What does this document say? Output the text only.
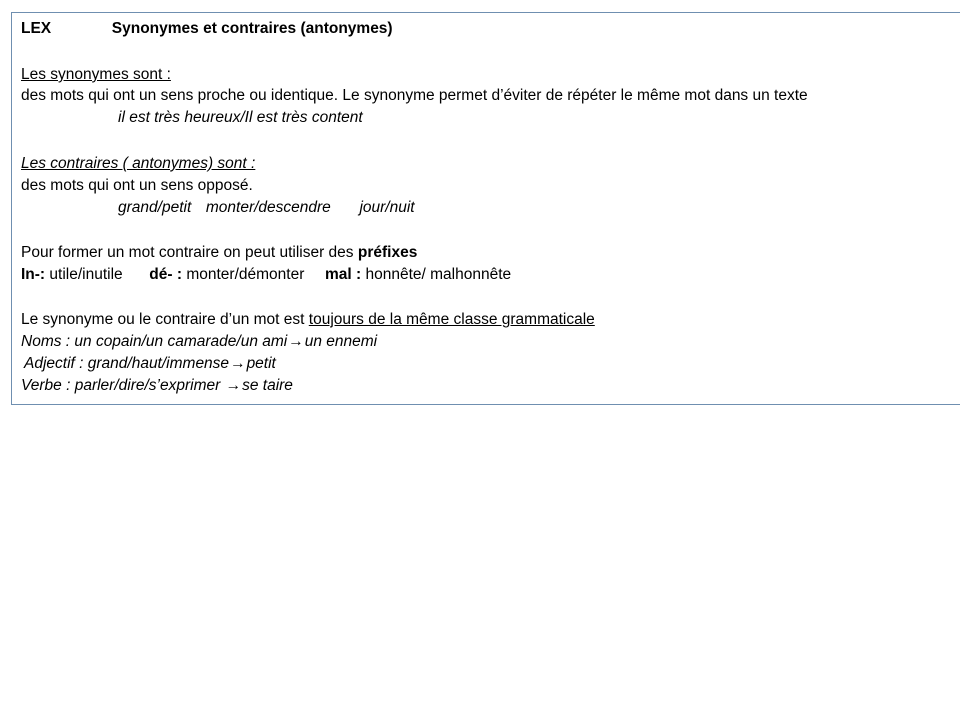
LEX	Synonymes et contraires (antonymes)
Les synonymes sont :
des mots qui ont un sens proche ou identique. Le synonyme permet d’éviter de répéter le même mot dans un texte
il est très heureux/Il est très content
Les contraires ( antonymes) sont :
des mots qui ont un sens opposé.
grand/petit monter/descendre jour/nuit
Pour former un mot contraire on peut utiliser des préfixes
In-: utile/inutile dé- : monter/démonter mal : honnête/ malhonnête
Le synonyme ou le contraire d’un mot est toujours de la même classe grammaticale
Noms : un copain/un camarade/un ami→un ennemi
Adjectif : grand/haut/immense→petit
Verbe : parler/dire/s’exprimer →se taire
